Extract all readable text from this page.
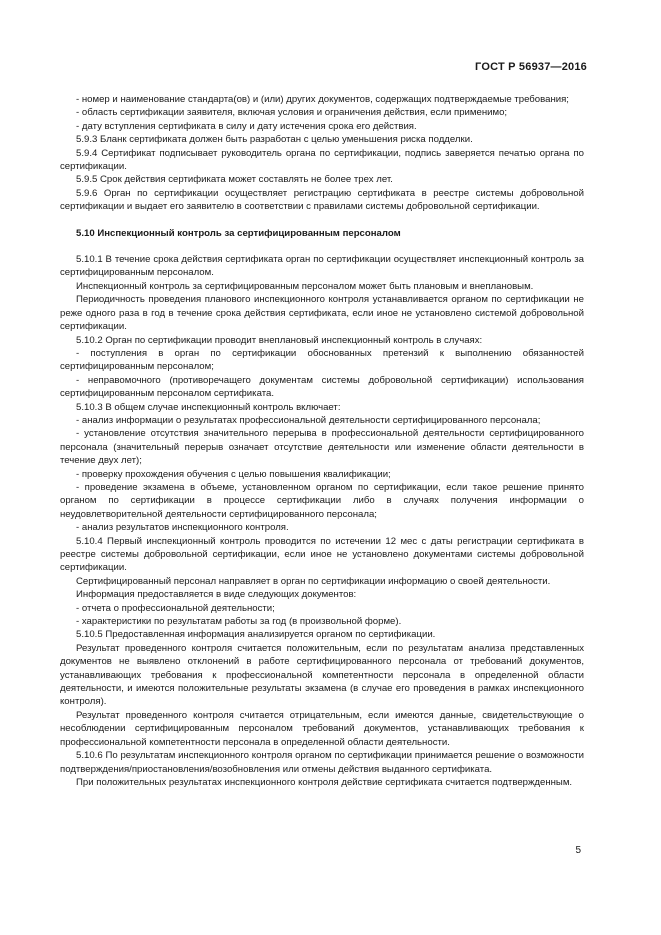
ГОСТ Р 56937—2016

- номер и наименование стандарта(ов) и (или) других документов, содержащих подтверждаемые требования;

- область сертификации заявителя, включая условия и ограничения действия, если применимо;

- дату вступления сертификата в силу и дату истечения срока его действия.

5.9.3 Бланк сертификата должен быть разработан с целью уменьшения риска подделки.

5.9.4 Сертификат подписывает руководитель органа по сертификации, подпись заверяется печатью органа по сертификации.

5.9.5 Срок действия сертификата может составлять не более трех лет.

5.9.6 Орган по сертификации осуществляет регистрацию сертификата в реестре системы добровольной сертификации и выдает его заявителю в соответствии с правилами системы добровольной сертификации.

5.10 Инспекционный контроль за сертифицированным персоналом

5.10.1 В течение срока действия сертификата орган по сертификации осуществляет инспекционный контроль за сертифицированным персоналом.

Инспекционный контроль за сертифицированным персоналом может быть плановым и внеплановым.

Периодичность проведения планового инспекционного контроля устанавливается органом по сертификации не реже одного раза в год в течение срока действия сертификата, если иное не установлено системой добровольной сертификации.

5.10.2 Орган по сертификации проводит внеплановый инспекционный контроль в случаях:

- поступления в орган по сертификации обоснованных претензий к выполнению обязанностей сертифицированным персоналом;

- неправомочного (противоречащего документам системы добровольной сертификации) использования сертифицированным персоналом сертификата.

5.10.3 В общем случае инспекционный контроль включает:

- анализ информации о результатах профессиональной деятельности сертифицированного персонала;

- установление отсутствия значительного перерыва в профессиональной деятельности сертифицированного персонала (значительный перерыв означает отсутствие деятельности или изменение области деятельности в течение двух лет);

- проверку прохождения обучения с целью повышения квалификации;

- проведение экзамена в объеме, установленном органом по сертификации, если такое решение принято органом по сертификации в процессе сертификации либо в случаях получения информации о неудовлетворительной деятельности сертифицированного персонала;

- анализ результатов инспекционного контроля.

5.10.4 Первый инспекционный контроль проводится по истечении 12 мес с даты регистрации сертификата в реестре системы добровольной сертификации, если иное не установлено документами системы добровольной сертификации.

Сертифицированный персонал направляет в орган по сертификации информацию о своей деятельности.

Информация предоставляется в виде следующих документов:

- отчета о профессиональной деятельности;

- характеристики по результатам работы за год (в произвольной форме).

5.10.5 Предоставленная информация анализируется органом по сертификации.

Результат проведенного контроля считается положительным, если по результатам анализа представленных документов не выявлено отклонений в работе сертифицированного персонала от требований документов, устанавливающих требования к профессиональной компетентности персонала в определенной области деятельности, и имеются положительные результаты экзамена (в случае его проведения в рамках инспекционного контроля).

Результат проведенного контроля считается отрицательным, если имеются данные, свидетельствующие о несоблюдении сертифицированным персоналом требований документов, устанавливающих требования к профессиональной компетентности персонала в определенной области деятельности.

5.10.6 По результатам инспекционного контроля органом по сертификации принимается решение о возможности подтверждения/приостановления/возобновления или отмены действия выданного сертификата.

При положительных результатах инспекционного контроля действие сертификата считается подтвержденным.

5
